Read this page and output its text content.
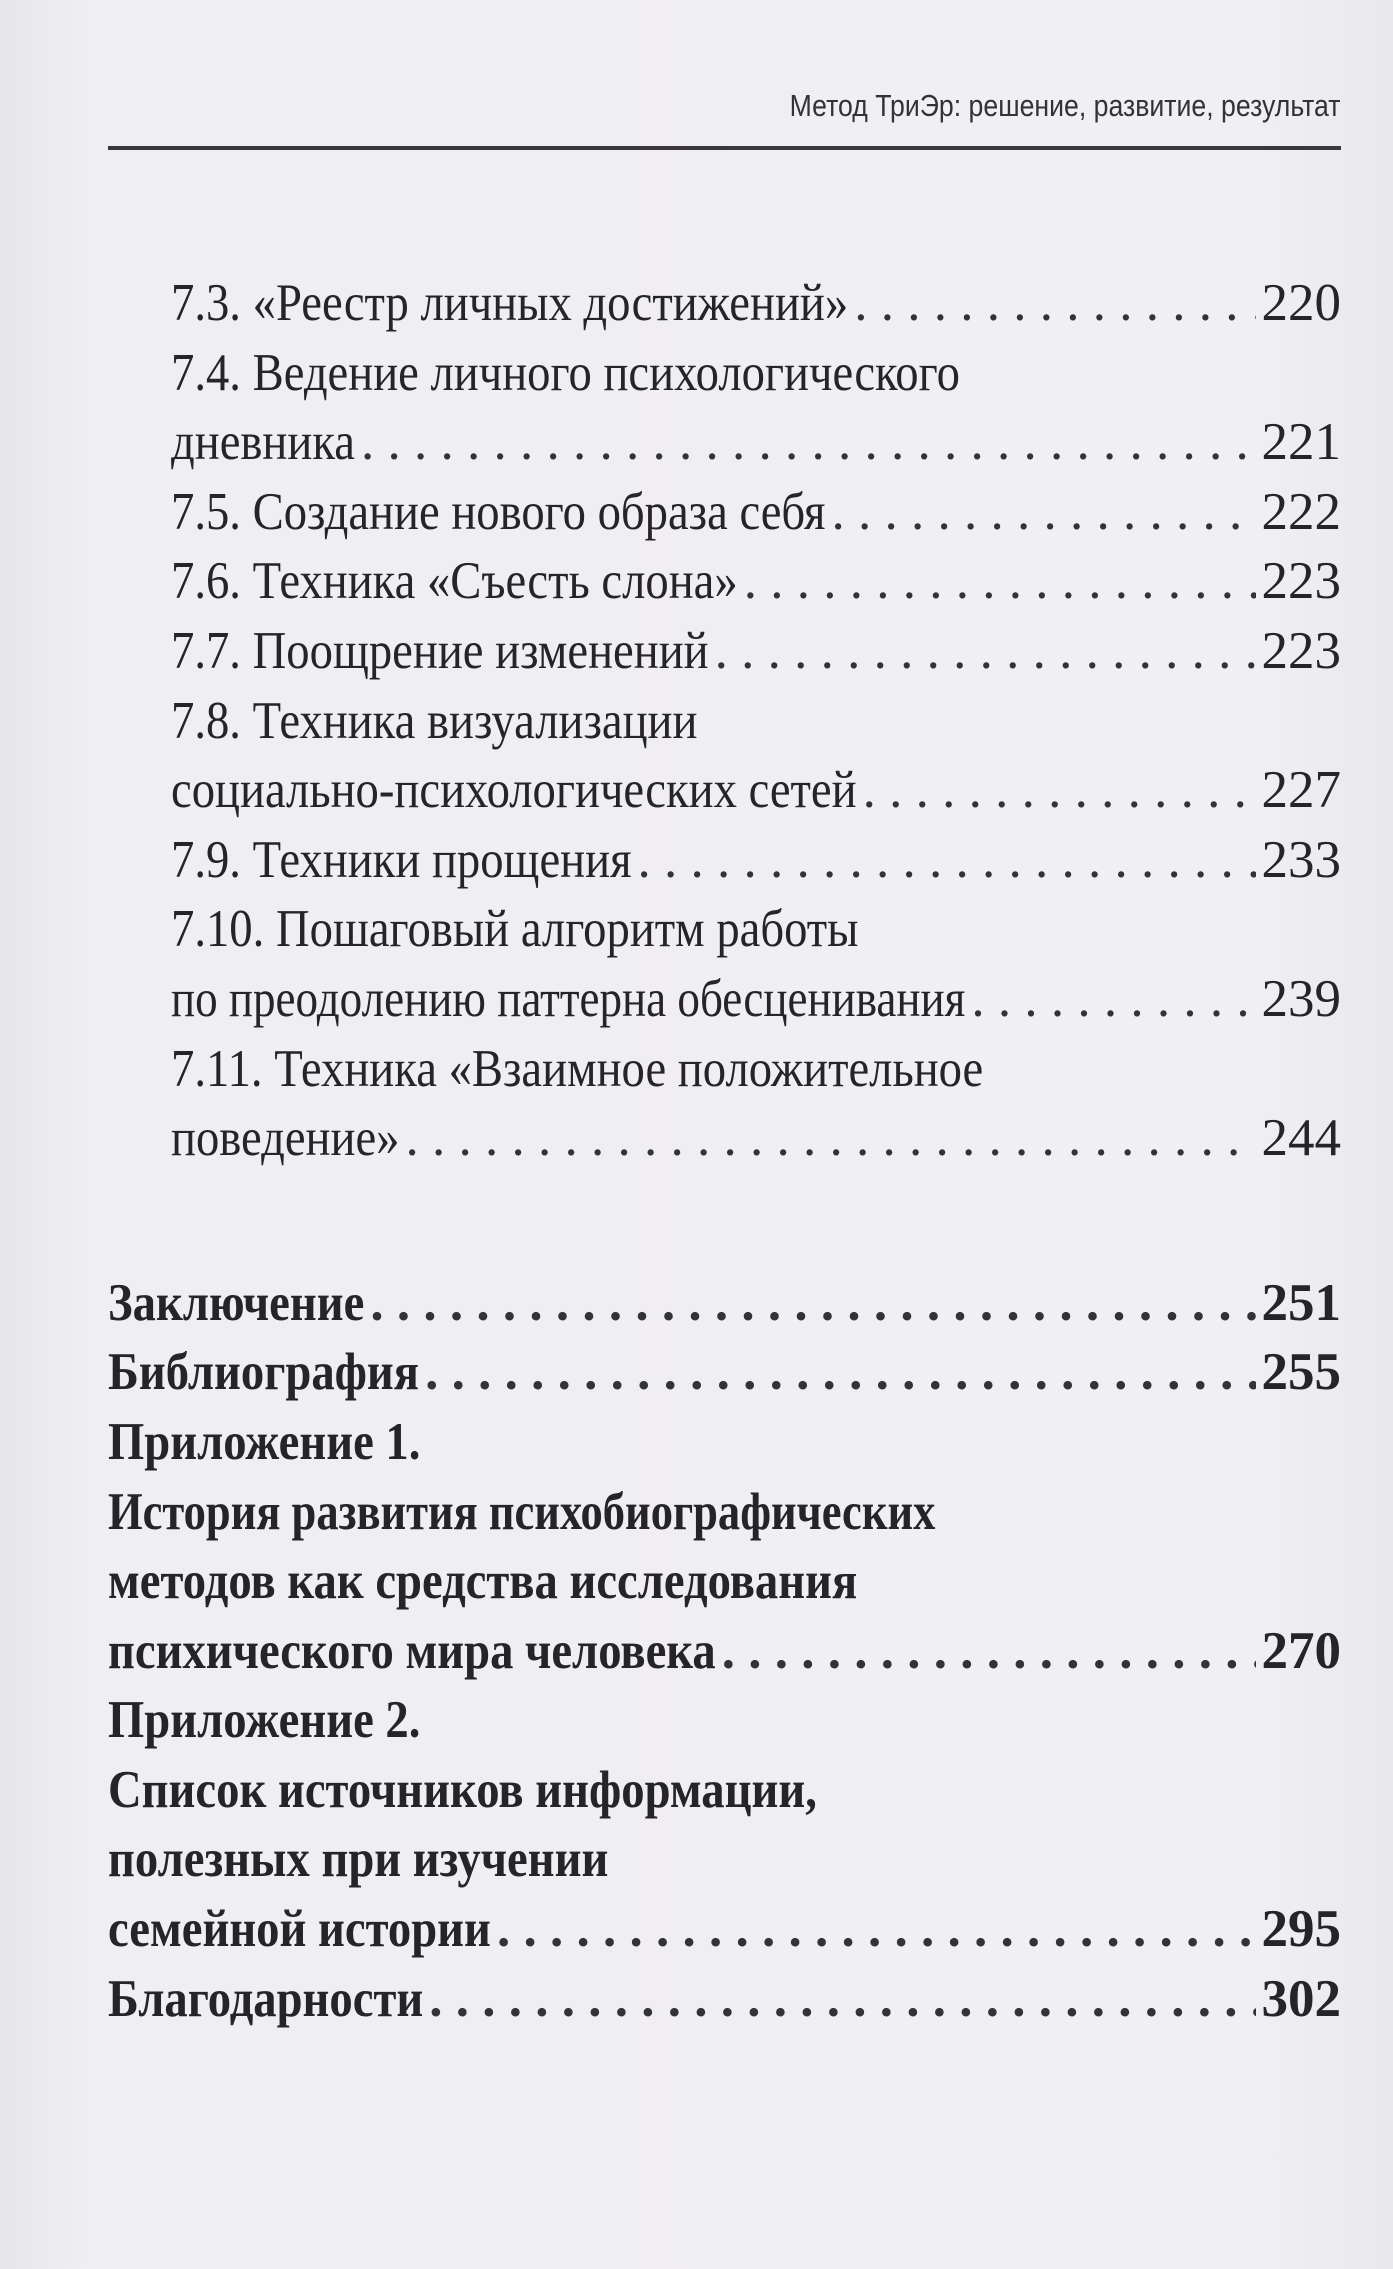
Метод ТриЭр: решение, развитие, результат
7.3. «Реестр личных достижений» . . .	220
7.4. Ведение личного психологического
дневника . . .	221
7.5. Создание нового образа себя . . .	222
7.6. Техника «Съесть слона» . . .	223
7.7. Поощрение изменений . . .	223
7.8. Техника визуализации
социально-психологических сетей . . .	227
7.9. Техники прощения . . .	233
7.10. Пошаговый алгоритм работы
по преодолению паттерна обесценивания . . .	239
7.11. Техника «Взаимное положительное
поведение» . . .	244
Заключение . . .	251
Библиография . . .	255
Приложение 1.
История развития психобиографических
методов как средства исследования
психического мира человека . . .	270
Приложение 2.
Список источников информации,
полезных при изучении
семейной истории . . .	295
Благодарности . . .	302
